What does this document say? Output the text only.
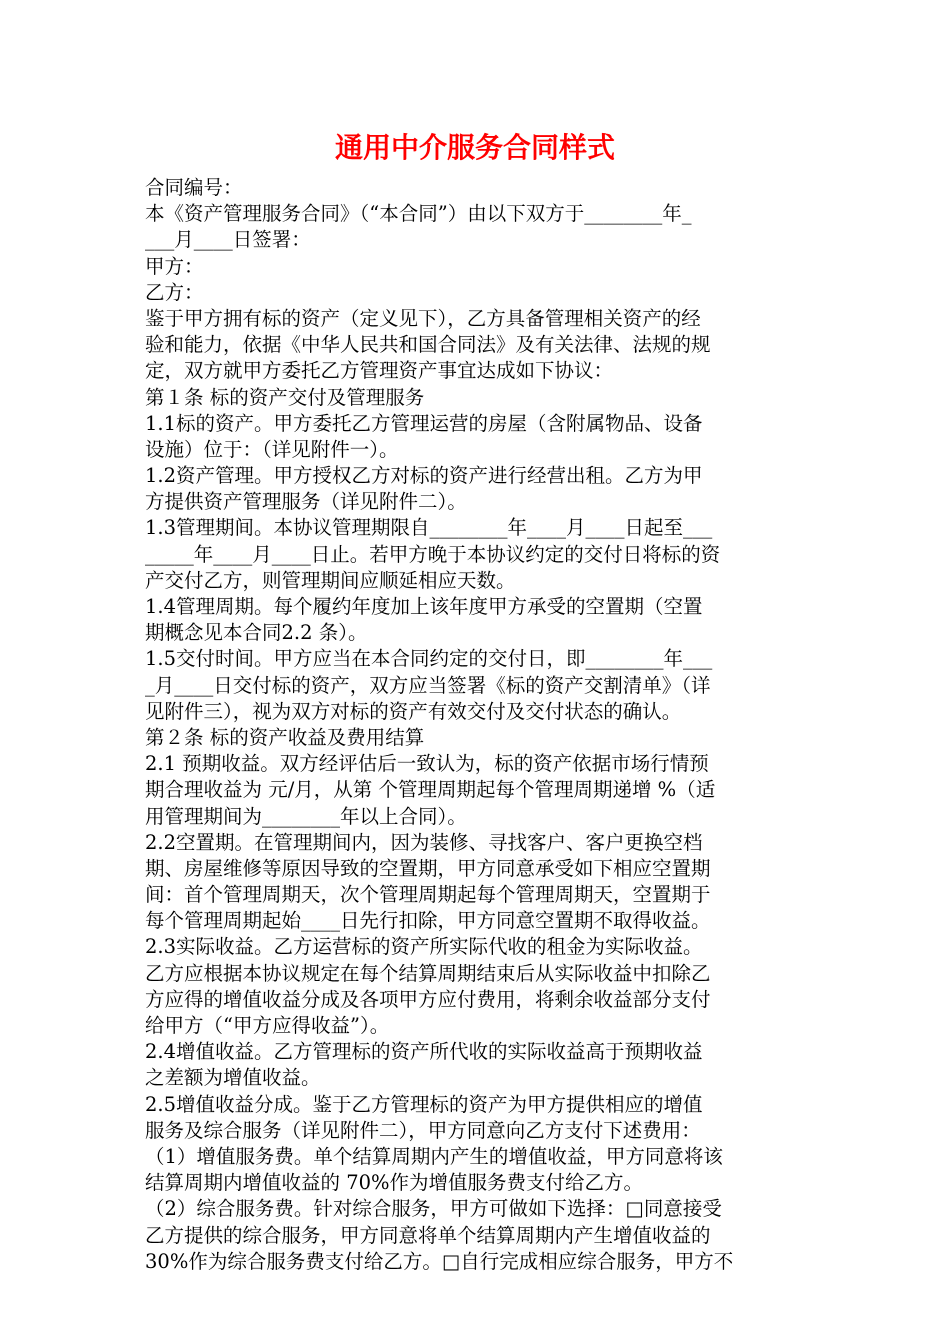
通用中介服务合同样式
合同编号：
本《资产管理服务合同》（“本合同”）由以下双方于________年_
___月____日签署：
甲方：
乙方：
鉴于甲方拥有标的资产（定义见下），乙方具备管理相关资产的经
验和能力，依据《中华人民共和国合同法》及有关法律、法规的规
定，双方就甲方委托乙方管理资产事宜达成如下协议：
第１条 标的资产交付及管理服务
1.1标的资产。甲方委托乙方管理运营的房屋（含附属物品、设备
设施）位于：（详见附件一）。
1.2资产管理。甲方授权乙方对标的资产进行经营出租。乙方为甲
方提供资产管理服务（详见附件二）。
1.3管理期间。本协议管理期限自________年____月____日起至___
_____年____月____日止。若甲方晚于本协议约定的交付日将标的资
产交付乙方，则管理期间应顺延相应天数。
1.4管理周期。每个履约年度加上该年度甲方承受的空置期（空置
期概念见本合同2.2 条）。
1.5交付时间。甲方应当在本合同约定的交付日，即________年___
_月____日交付标的资产，双方应当签署《标的资产交割清单》（详
见附件三），视为双方对标的资产有效交付及交付状态的确认。
第２条 标的资产收益及费用结算
2.1 预期收益。双方经评估后一致认为，标的资产依据市场行情预
期合理收益为 元/月，从第 个管理周期起每个管理周期递增 %（适
用管理期间为________年以上合同）。
2.2空置期。在管理期间内，因为装修、寻找客户、客户更换空档
期、房屋维修等原因导致的空置期，甲方同意承受如下相应空置期
间：首个管理周期天，次个管理周期起每个管理周期天，空置期于
每个管理周期起始____日先行扣除，甲方同意空置期不取得收益。
2.3实际收益。乙方运营标的资产所实际代收的租金为实际收益。
乙方应根据本协议规定在每个结算周期结束后从实际收益中扣除乙
方应得的增值收益分成及各项甲方应付费用，将剩余收益部分支付
给甲方（“甲方应得收益”）。
2.4增值收益。乙方管理标的资产所代收的实际收益高于预期收益
之差额为增值收益。
2.5增值收益分成。鉴于乙方管理标的资产为甲方提供相应的增值
服务及综合服务（详见附件二），甲方同意向乙方支付下述费用：
（1）增值服务费。单个结算周期内产生的增值收益，甲方同意将该
结算周期内增值收益的 70%作为增值服务费支付给乙方。
（2）综合服务费。针对综合服务，甲方可做如下选择：□同意接受
乙方提供的综合服务，甲方同意将单个结算周期内产生增值收益的
30%作为综合服务费支付给乙方。□自行完成相应综合服务，甲方不
